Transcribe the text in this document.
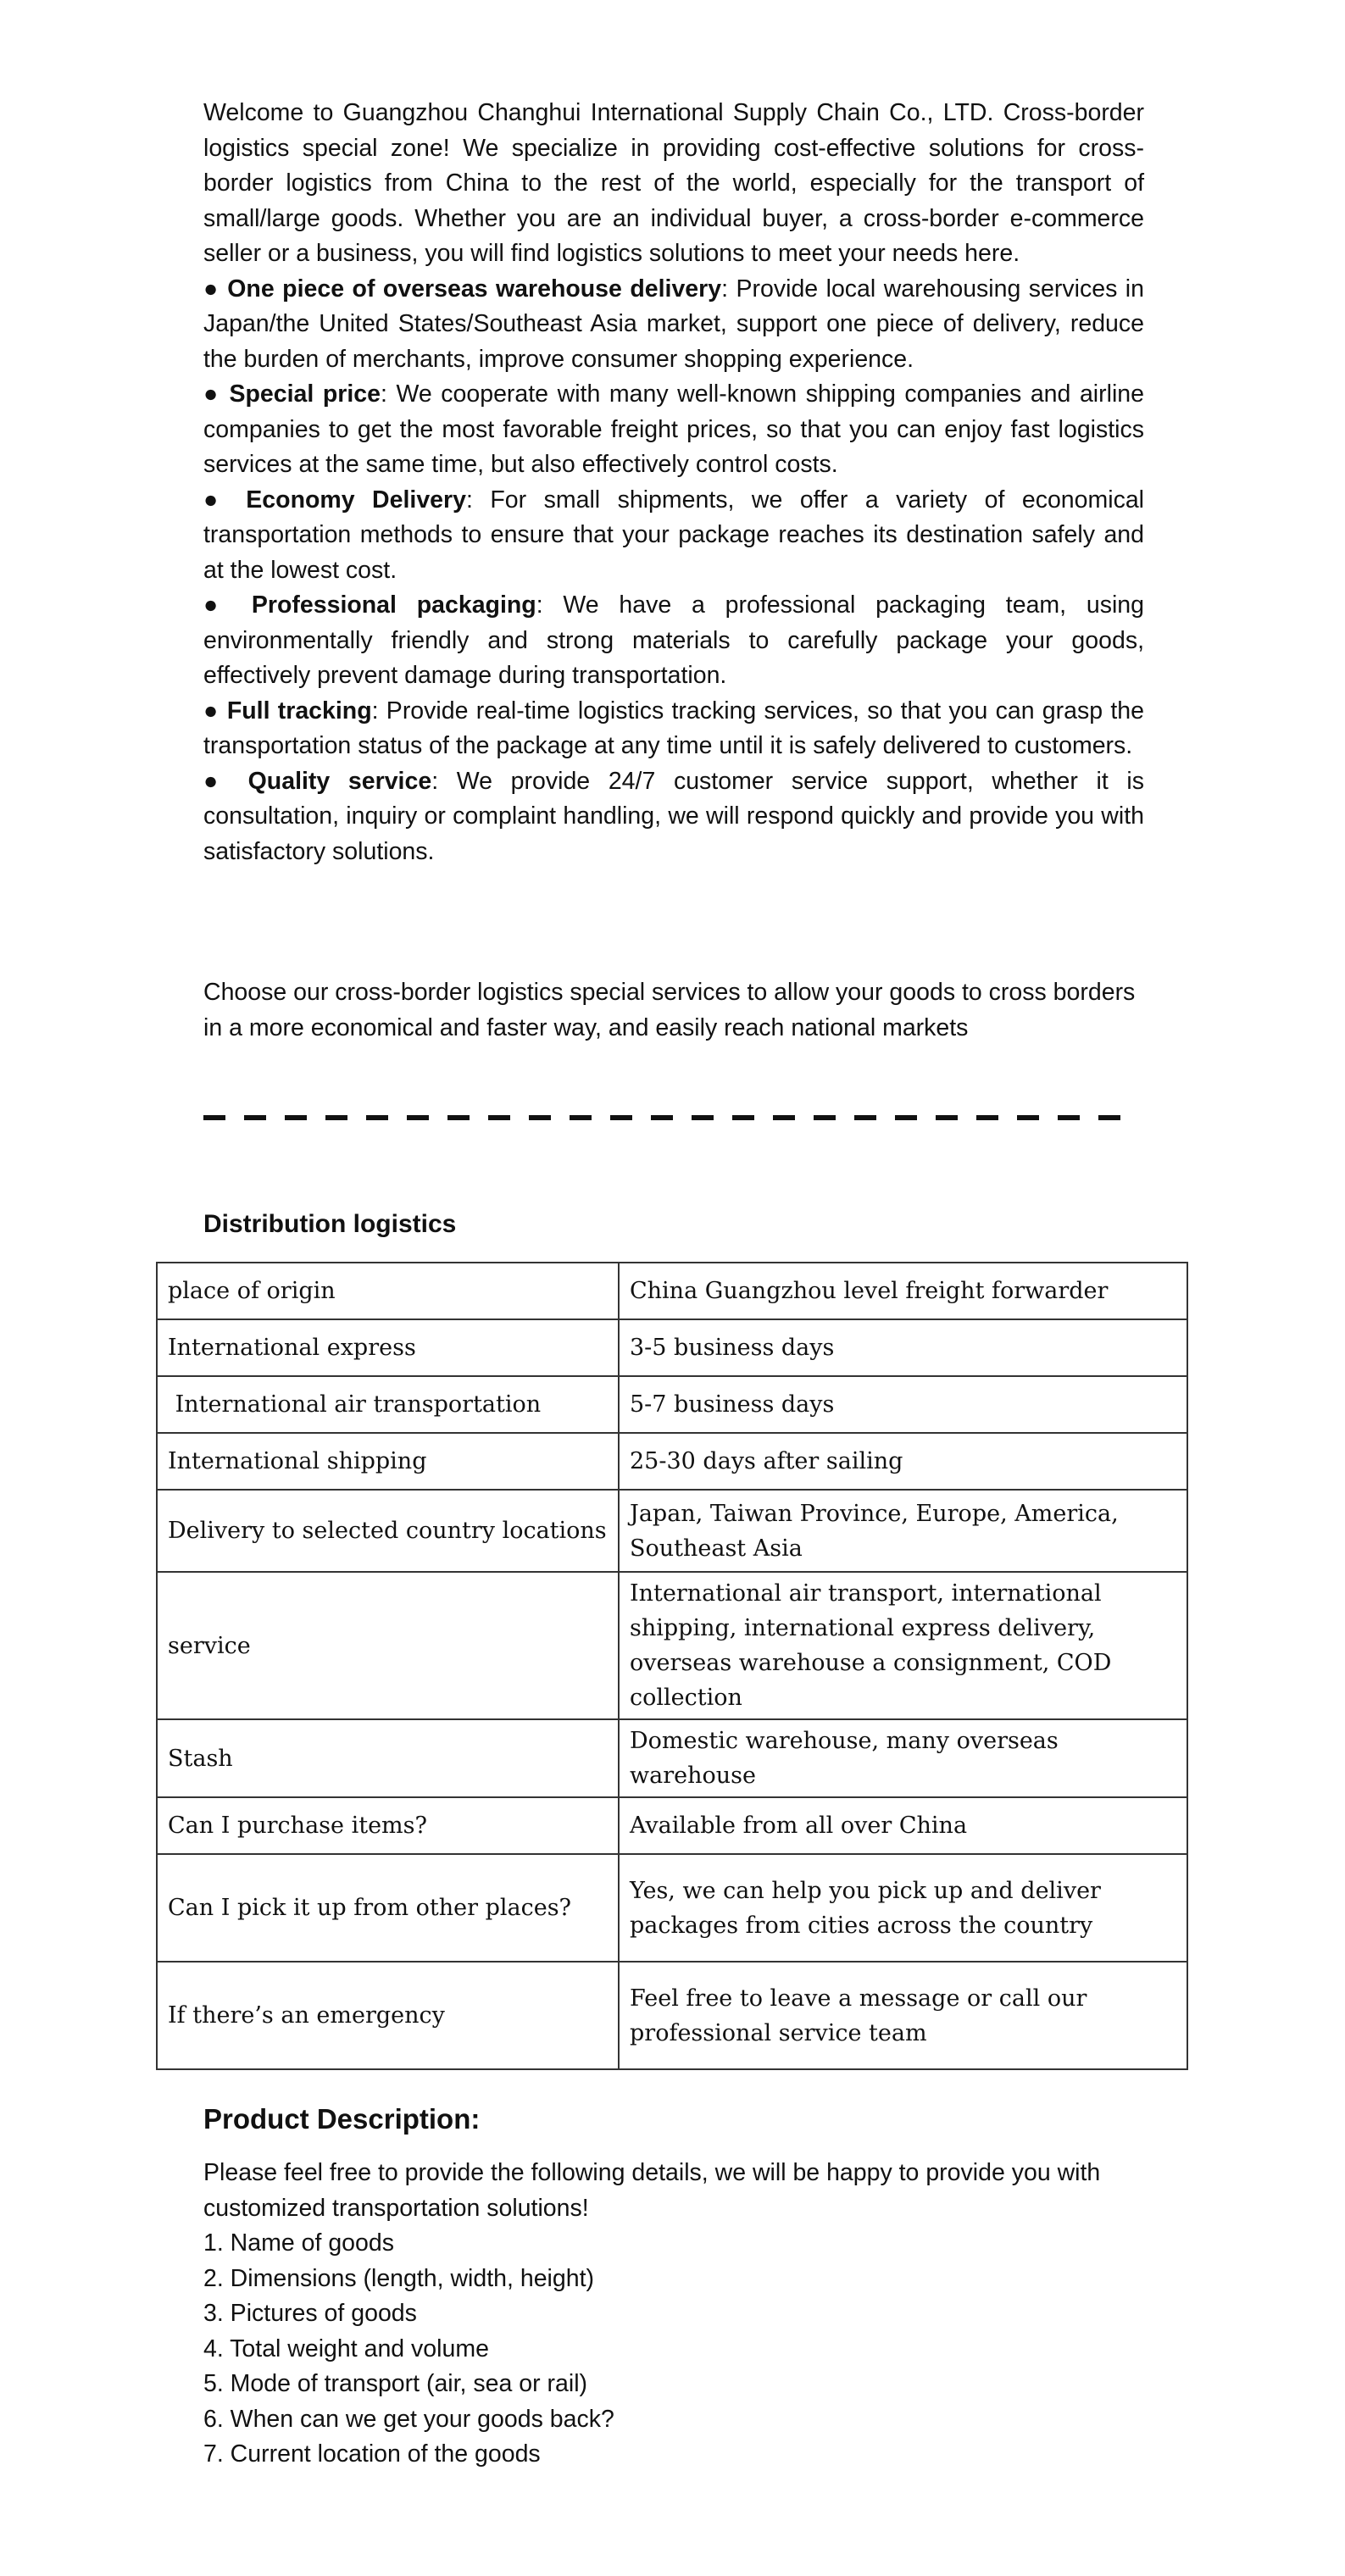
Welcome to Guangzhou Changhui International Supply Chain Co., LTD. Cross-border logistics special zone! We specialize in providing cost-effective solutions for cross-border logistics from China to the rest of the world, especially for the transport of small/large goods. Whether you are an individual buyer, a cross-border e-commerce seller or a business, you will find logistics solutions to meet your needs here.

● One piece of overseas warehouse delivery: Provide local warehousing services in Japan/the United States/Southeast Asia market, support one piece of delivery, reduce the burden of merchants, improve consumer shopping experience.

● Special price: We cooperate with many well-known shipping companies and airline companies to get the most favorable freight prices, so that you can enjoy fast logistics services at the same time, but also effectively control costs.

● Economy Delivery: For small shipments, we offer a variety of economical transportation methods to ensure that your package reaches its destination safely and at the lowest cost.

● Professional packaging: We have a professional packaging team, using environmentally friendly and strong materials to carefully package your goods, effectively prevent damage during transportation.

● Full tracking: Provide real-time logistics tracking services, so that you can grasp the transportation status of the package at any time until it is safely delivered to customers.

● Quality service: We provide 24/7 customer service support, whether it is consultation, inquiry or complaint handling, we will respond quickly and provide you with satisfactory solutions.

Choose our cross-border logistics special services to allow your goods to cross borders in a more economical and faster way, and easily reach national markets

Distribution logistics
place of origin	China Guangzhou level freight forwarder
International express	3-5 business days
International air transportation	5-7 business days
International shipping	25-30 days after sailing
Delivery to selected country locations	Japan, Taiwan Province, Europe, America, Southeast Asia
service	International air transport, international shipping, international express delivery, overseas warehouse a consignment, COD collection
Stash	Domestic warehouse, many overseas warehouse
Can I purchase items?	Available from all over China
Can I pick it up from other places?	Yes, we can help you pick up and deliver packages from cities across the country
If there’s an emergency	Feel free to leave a message or call our professional service team
Product Description:

Please feel free to provide the following details, we will be happy to provide you with customized transportation solutions!

1. Name of goods
2. Dimensions (length, width, height)
3. Pictures of goods
4. Total weight and volume
5. Mode of transport (air, sea or rail)
6. When can we get your goods back?
7. Current location of the goods
